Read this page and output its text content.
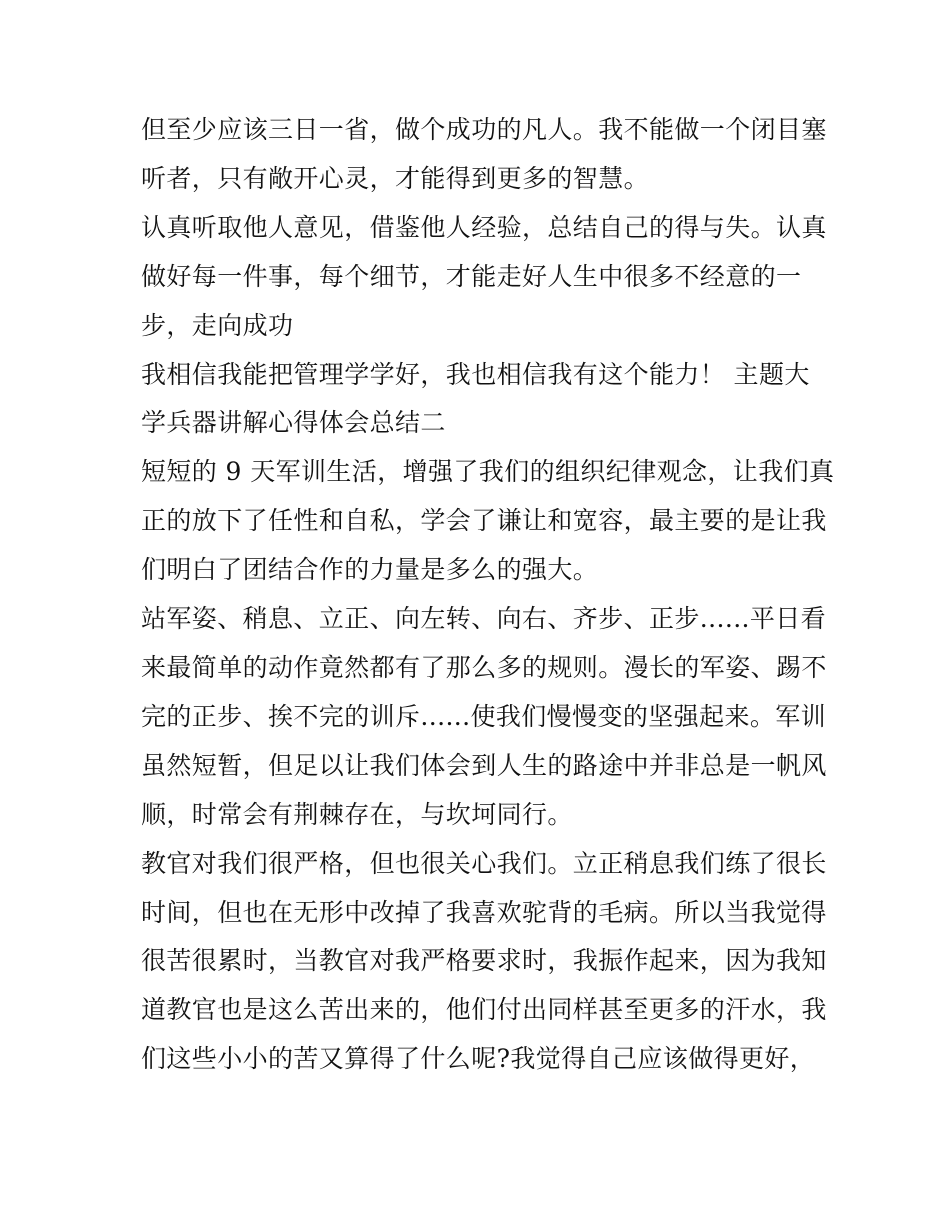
但至少应该三日一省，做个成功的凡人。我不能做一个闭目塞
听者，只有敞开心灵，才能得到更多的智慧。

认真听取他人意见，借鉴他人经验，总结自己的得与失。认真
做好每一件事，每个细节，才能走好人生中很多不经意的一
步，走向成功

我相信我能把管理学学好，我也相信我有这个能力！ 主题大
学兵器讲解心得体会总结二

短短的 9 天军训生活，增强了我们的组织纪律观念，让我们真
正的放下了任性和自私，学会了谦让和宽容，最主要的是让我
们明白了团结合作的力量是多么的强大。

站军姿、稍息、立正、向左转、向右、齐步、正步......平日看
来最简单的动作竟然都有了那么多的规则。漫长的军姿、踢不
完的正步、挨不完的训斥......使我们慢慢变的坚强起来。军训
虽然短暂，但足以让我们体会到人生的路途中并非总是一帆风
顺，时常会有荆棘存在，与坎坷同行。

教官对我们很严格，但也很关心我们。立正稍息我们练了很长
时间，但也在无形中改掉了我喜欢驼背的毛病。所以当我觉得
很苦很累时，当教官对我严格要求时，我振作起来，因为我知
道教官也是这么苦出来的，他们付出同样甚至更多的汗水，我
们这些小小的苦又算得了什么呢?我觉得自己应该做得更好，
